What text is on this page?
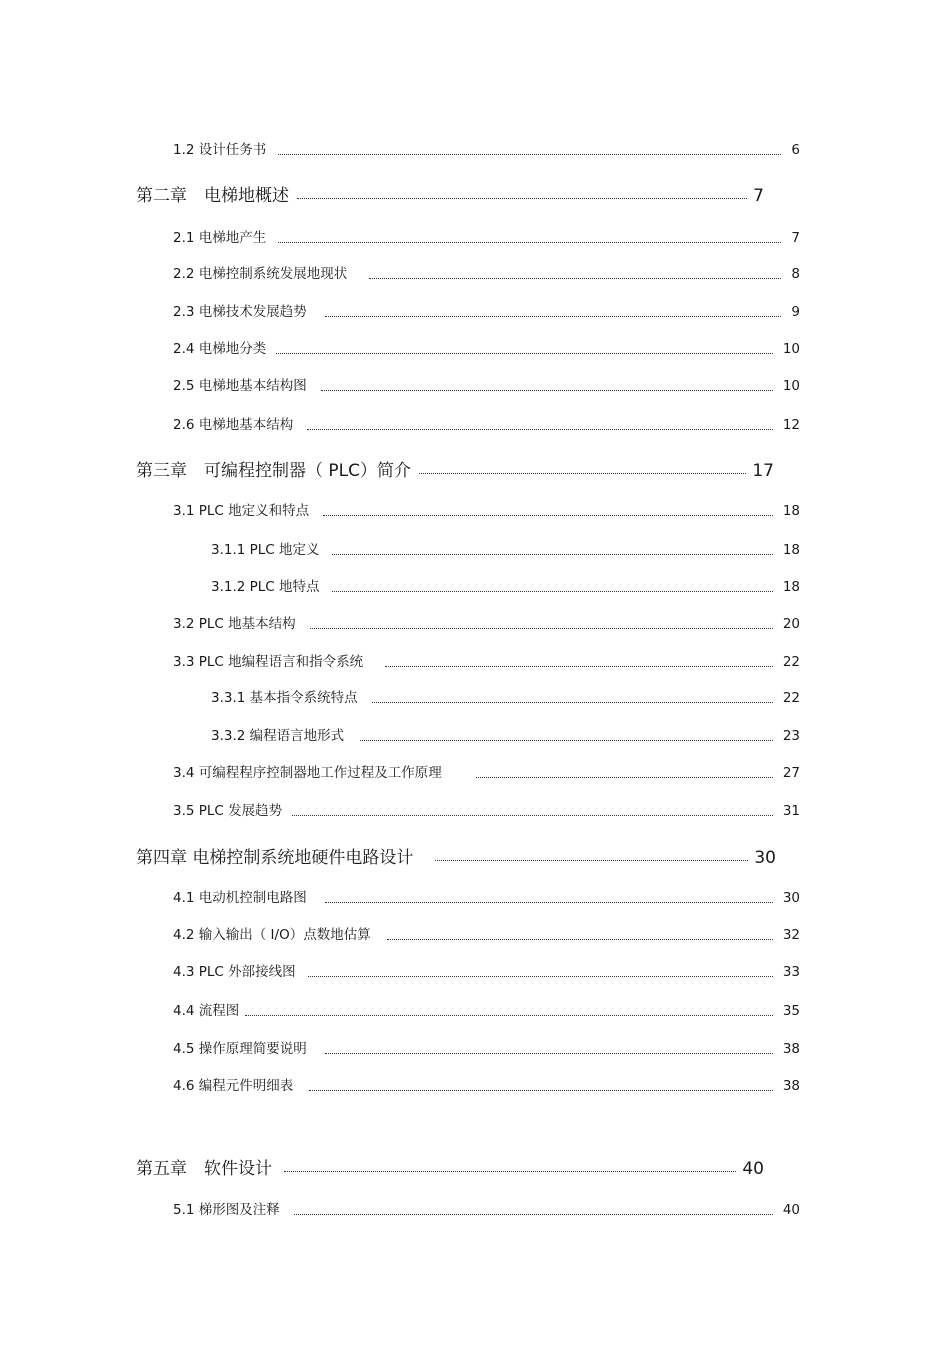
1.2 设计任务书	6
第二章　电梯地概述	7
2.1 电梯地产生	7
2.2 电梯控制系统发展地现状	8
2.3 电梯技术发展趋势	9
2.4 电梯地分类	10
2.5 电梯地基本结构图	10
2.6 电梯地基本结构	12
第三章　可编程控制器（ PLC）简介	17
3.1 PLC 地定义和特点	18
3.1.1 PLC 地定义	18
3.1.2 PLC 地特点	18
3.2 PLC 地基本结构	20
3.3 PLC 地编程语言和指令系统	22
3.3.1 基本指令系统特点	22
3.3.2 编程语言地形式	23
3.4 可编程程序控制器地工作过程及工作原理	27
3.5 PLC 发展趋势	31
第四章 电梯控制系统地硬件电路设计	30
4.1 电动机控制电路图	30
4.2 输入输出（ I/O）点数地估算	32
4.3 PLC 外部接线图	33
4.4 流程图	35
4.5 操作原理简要说明	38
4.6 编程元件明细表	38
第五章　软件设计	40
5.1 梯形图及注释	40
